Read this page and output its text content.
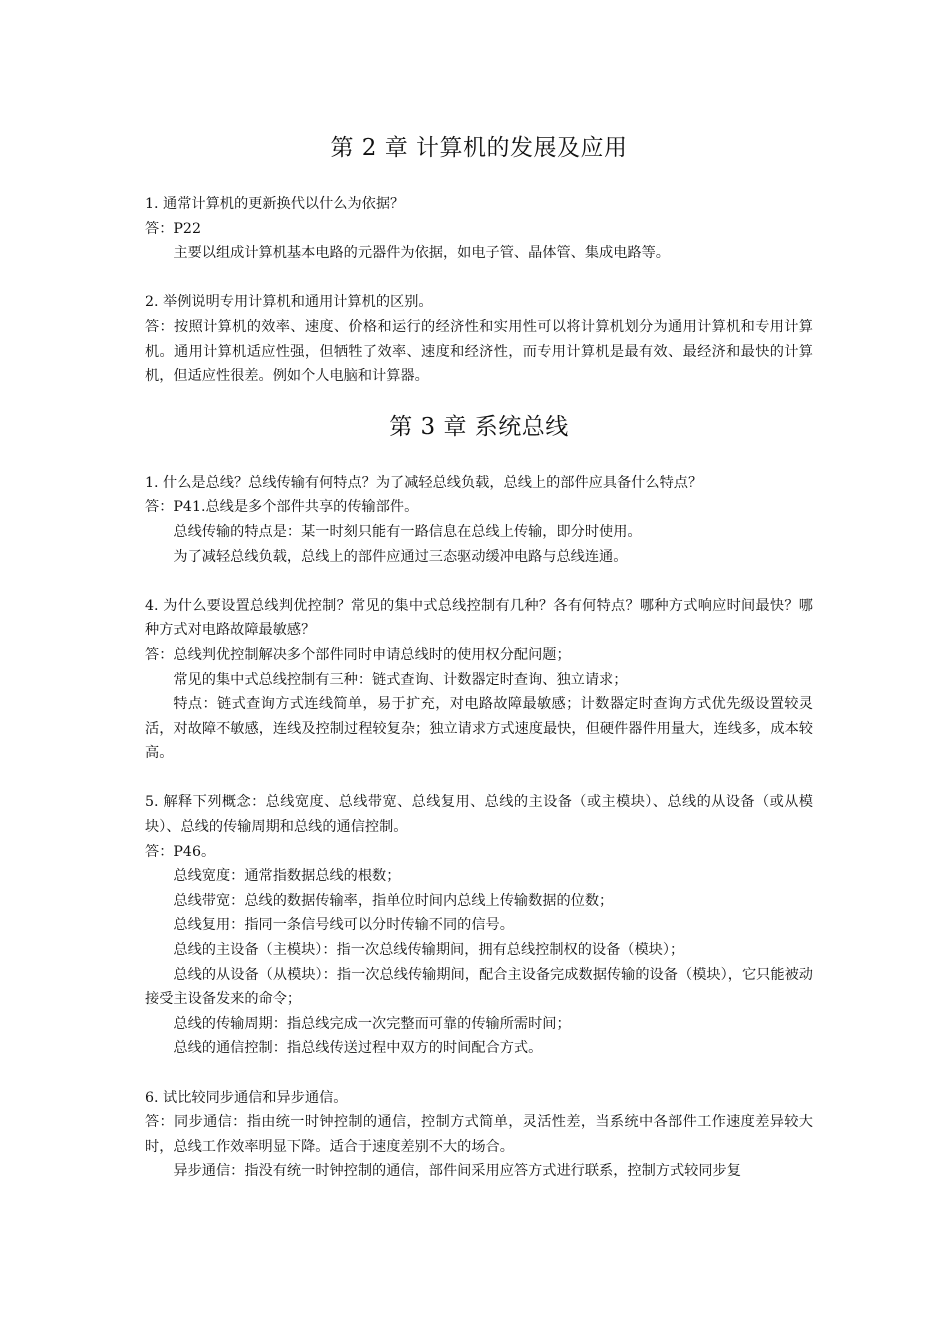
第 2 章 计算机的发展及应用

1. 通常计算机的更新换代以什么为依据？

答：P22

主要以组成计算机基本电路的元器件为依据，如电子管、晶体管、集成电路等。

2. 举例说明专用计算机和通用计算机的区别。

答：按照计算机的效率、速度、价格和运行的经济性和实用性可以将计算机划分为通用计算机和专用计算机。通用计算机适应性强，但牺牲了效率、速度和经济性，而专用计算机是最有效、最经济和最快的计算机，但适应性很差。例如个人电脑和计算器。

第 3 章 系统总线

1. 什么是总线？总线传输有何特点？为了减轻总线负载，总线上的部件应具备什么特点？

答：P41.总线是多个部件共享的传输部件。

总线传输的特点是：某一时刻只能有一路信息在总线上传输，即分时使用。

为了减轻总线负载，总线上的部件应通过三态驱动缓冲电路与总线连通。

4. 为什么要设置总线判优控制？常见的集中式总线控制有几种？各有何特点？哪种方式响应时间最快？哪种方式对电路故障最敏感？

答：总线判优控制解决多个部件同时申请总线时的使用权分配问题；

常见的集中式总线控制有三种：链式查询、计数器定时查询、独立请求；

特点：链式查询方式连线简单，易于扩充，对电路故障最敏感；计数器定时查询方式优先级设置较灵活，对故障不敏感，连线及控制过程较复杂；独立请求方式速度最快，但硬件器件用量大，连线多，成本较高。

5. 解释下列概念：总线宽度、总线带宽、总线复用、总线的主设备（或主模块）、总线的从设备（或从模块）、总线的传输周期和总线的通信控制。

答：P46。

总线宽度：通常指数据总线的根数；

总线带宽：总线的数据传输率，指单位时间内总线上传输数据的位数；

总线复用：指同一条信号线可以分时传输不同的信号。

总线的主设备（主模块）：指一次总线传输期间，拥有总线控制权的设备（模块）；

总线的从设备（从模块）：指一次总线传输期间，配合主设备完成数据传输的设备（模块），它只能被动接受主设备发来的命令；

总线的传输周期：指总线完成一次完整而可靠的传输所需时间；

总线的通信控制：指总线传送过程中双方的时间配合方式。

6. 试比较同步通信和异步通信。

答：同步通信：指由统一时钟控制的通信，控制方式简单，灵活性差，当系统中各部件工作速度差异较大时，总线工作效率明显下降。适合于速度差别不大的场合。

异步通信：指没有统一时钟控制的通信，部件间采用应答方式进行联系，控制方式较同步复
